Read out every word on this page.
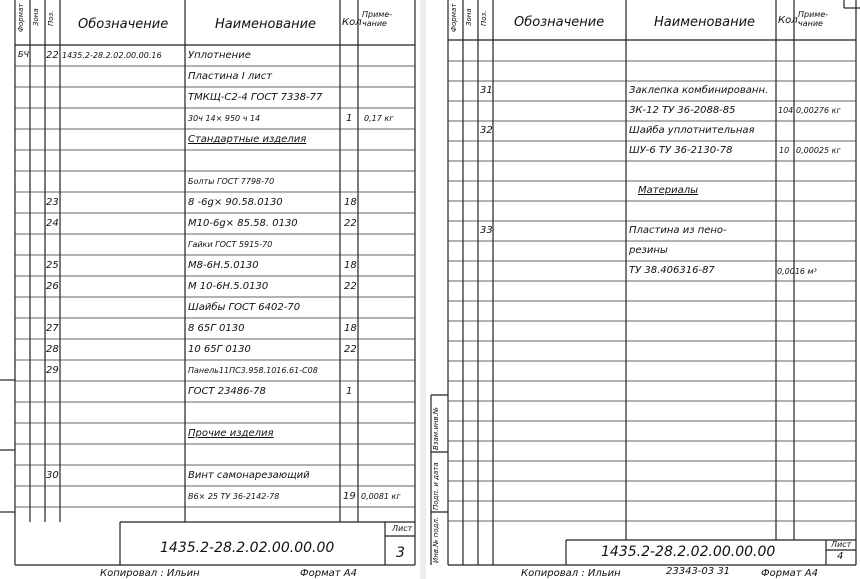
Формат Зона Поз. Обозначение	Наименование	Кол
Приме- чание
БЧ 22 1435.2-28.2.02.00.00.16	Уплотнение
Пластина I лист
ТМКЩ-С2-4 ГОСТ 7338-77
30ч 14× 950 ч 14	1 0,17 кг
Стандартные изделия
Болты ГОСТ 7798-70
23	8 -6g× 90.58.0130	18
24	М10-6g× 85.58. 0130	22
Гайки ГОСТ 5915-70
25	М8-6Н.5.0130	18
26	М 10-6Н.5.0130	22
Шайбы ГОСТ 6402-70
27	8 65Г 0130	18
28	10 65Г 0130	22
29	Панель11ПС3.958.1016.61-С08
ГОСТ 23486-78	1
Прочие изделия
30	Винт самонарезающий
В6× 25 ТУ 36-2142-78	19 0,0081 кг
1435.2-28.2.02.00.00.00
Лист
3
Копировал : Ильин	Формат А4
Взам.инв.№
Подп. и дата
Инв.№ подл.
Формат Зона Поз. Обозначение	Наименование Кол.
Приме- чание
31	Заклепка комбинированн.
ЗК-12 ТУ 36-2088-85	104 0,00276 кг
32	Шайба уплотнительная
ШУ-6 ТУ 36-2130-78	10 0,00025 кг
Материалы
33	Пластина из пено-
резины
ТУ 38.406316-87	0,0016 м³
1435.2-28.2.02.00.00.00	Лист
4
Копировал : Ильин	23343-03 31	Формат А4
